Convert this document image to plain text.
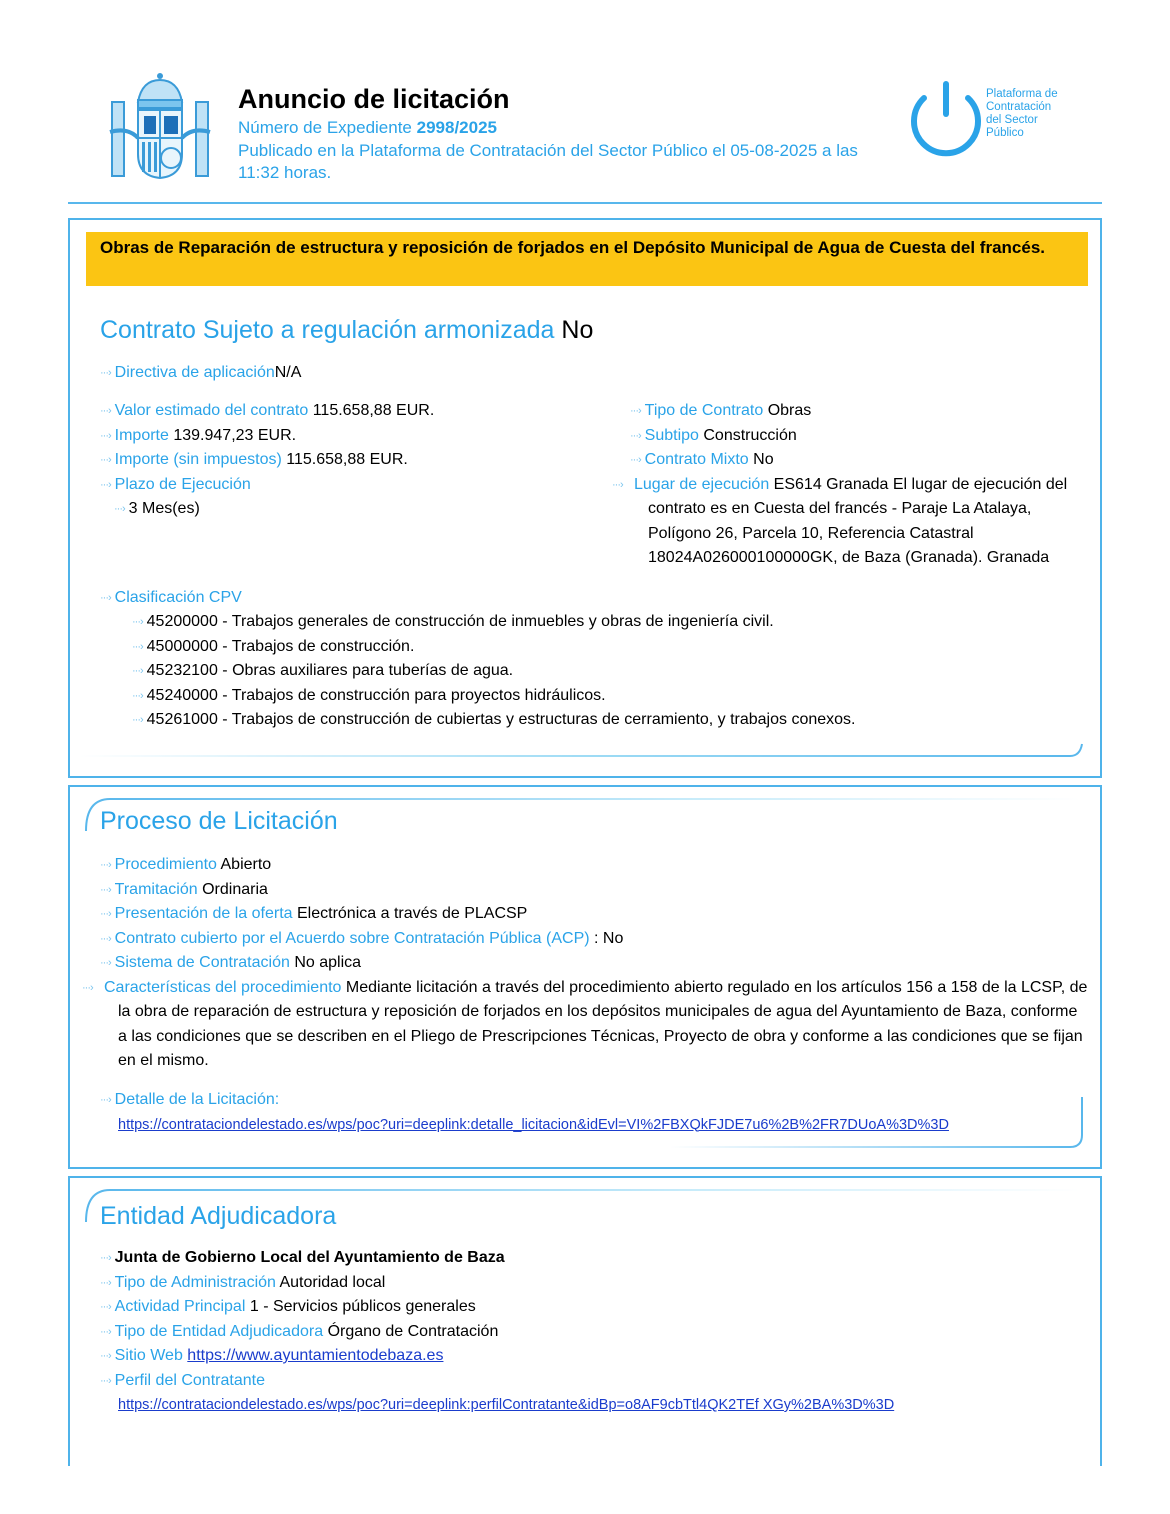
Anuncio de licitación
Número de Expediente 2998/2025
Publicado en la Plataforma de Contratación del Sector Público el 05-08-2025 a las 11:32 horas.
Plataforma de
Contratación
del Sector
Público
Obras de Reparación de estructura y reposición de forjados en el Depósito Municipal de Agua de Cuesta del francés.
Contrato Sujeto a regulación armonizada No
···› Directiva de aplicaciónN/A
···› Valor estimado del contrato 115.658,88 EUR.
···› Importe 139.947,23 EUR.
···› Importe (sin impuestos) 115.658,88 EUR.
···› Plazo de Ejecución
···› 3 Mes(es)
···› Tipo de Contrato Obras
···› Subtipo Construcción
···› Contrato Mixto No
···› Lugar de ejecución ES614 Granada El lugar de ejecución del contrato es en Cuesta del francés - Paraje La Atalaya, Polígono 26, Parcela 10, Referencia Catastral 18024A026000100000GK, de Baza (Granada). Granada
···› Clasificación CPV
···› 45200000 - Trabajos generales de construcción de inmuebles y obras de ingeniería civil.
···› 45000000 - Trabajos de construcción.
···› 45232100 - Obras auxiliares para tuberías de agua.
···› 45240000 - Trabajos de construcción para proyectos hidráulicos.
···› 45261000 - Trabajos de construcción de cubiertas y estructuras de cerramiento, y trabajos conexos.
Proceso de Licitación
···› Procedimiento Abierto
···› Tramitación Ordinaria
···› Presentación de la oferta Electrónica a través de PLACSP
···› Contrato cubierto por el Acuerdo sobre Contratación Pública (ACP) : No
···› Sistema de Contratación No aplica
···› Características del procedimiento Mediante licitación a través del procedimiento abierto regulado en los artículos 156 a 158 de la LCSP, de la obra de reparación de estructura y reposición de forjados en los depósitos municipales de agua del Ayuntamiento de Baza, conforme a las condiciones que se describen en el Pliego de Prescripciones Técnicas, Proyecto de obra y conforme a las condiciones que se fijan en el mismo.
···› Detalle de la Licitación:
https://contrataciondelestado.es/wps/poc?uri=deeplink:detalle_licitacion&idEvl=VI%2FBXQkFJDE7u6%2B%2FR7DUoA%3D%3D
Entidad Adjudicadora
···› Junta de Gobierno Local del Ayuntamiento de Baza
···› Tipo de Administración Autoridad local
···› Actividad Principal 1 - Servicios públicos generales
···› Tipo de Entidad Adjudicadora Órgano de Contratación
···› Sitio Web https://www.ayuntamientodebaza.es
···› Perfil del Contratante
https://contrataciondelestado.es/wps/poc?uri=deeplink:perfilContratante&idBp=o8AF9cbTtl4QK2TEf XGy%2BA%3D%3D
